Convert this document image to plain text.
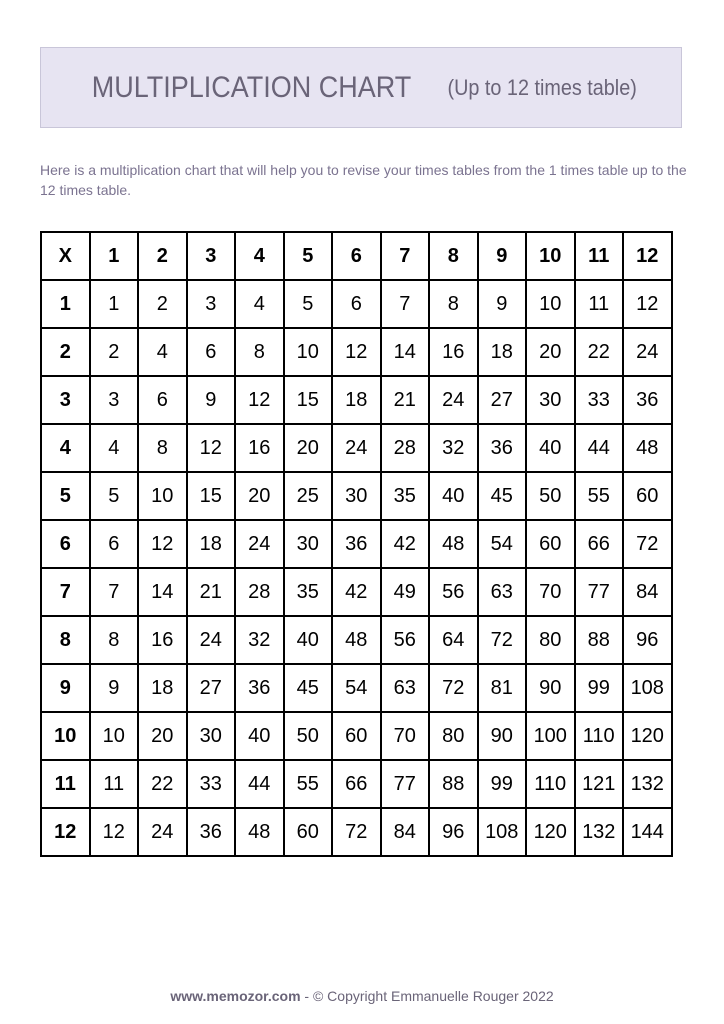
MULTIPLICATION CHART (Up to 12 times table)
Here is a multiplication chart that will help you to revise your times tables from the 1 times table up to the 12 times table.
X	1	2	3	4	5	6	7	8	9	10	11	12
1	1	2	3	4	5	6	7	8	9	10	11	12
2	2	4	6	8	10	12	14	16	18	20	22	24
3	3	6	9	12	15	18	21	24	27	30	33	36
4	4	8	12	16	20	24	28	32	36	40	44	48
5	5	10	15	20	25	30	35	40	45	50	55	60
6	6	12	18	24	30	36	42	48	54	60	66	72
7	7	14	21	28	35	42	49	56	63	70	77	84
8	8	16	24	32	40	48	56	64	72	80	88	96
9	9	18	27	36	45	54	63	72	81	90	99	108
10	10	20	30	40	50	60	70	80	90	100	110	120
11	11	22	33	44	55	66	77	88	99	110	121	132
12	12	24	36	48	60	72	84	96	108	120	132	144
www.memozor.com - © Copyright Emmanuelle Rouger 2022
